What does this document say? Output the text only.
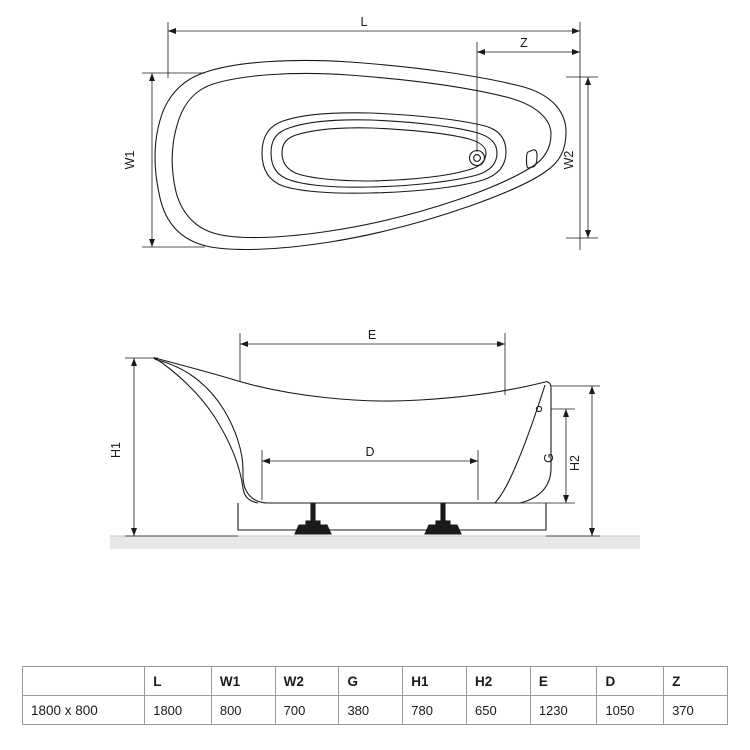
L
Z
W1	W2
E
D
H1
H2
G
	L	W1	W2	G	H1	H2	E	D	Z
1800 x 800	1800	800	700	380	780	650	1230	1050	370
